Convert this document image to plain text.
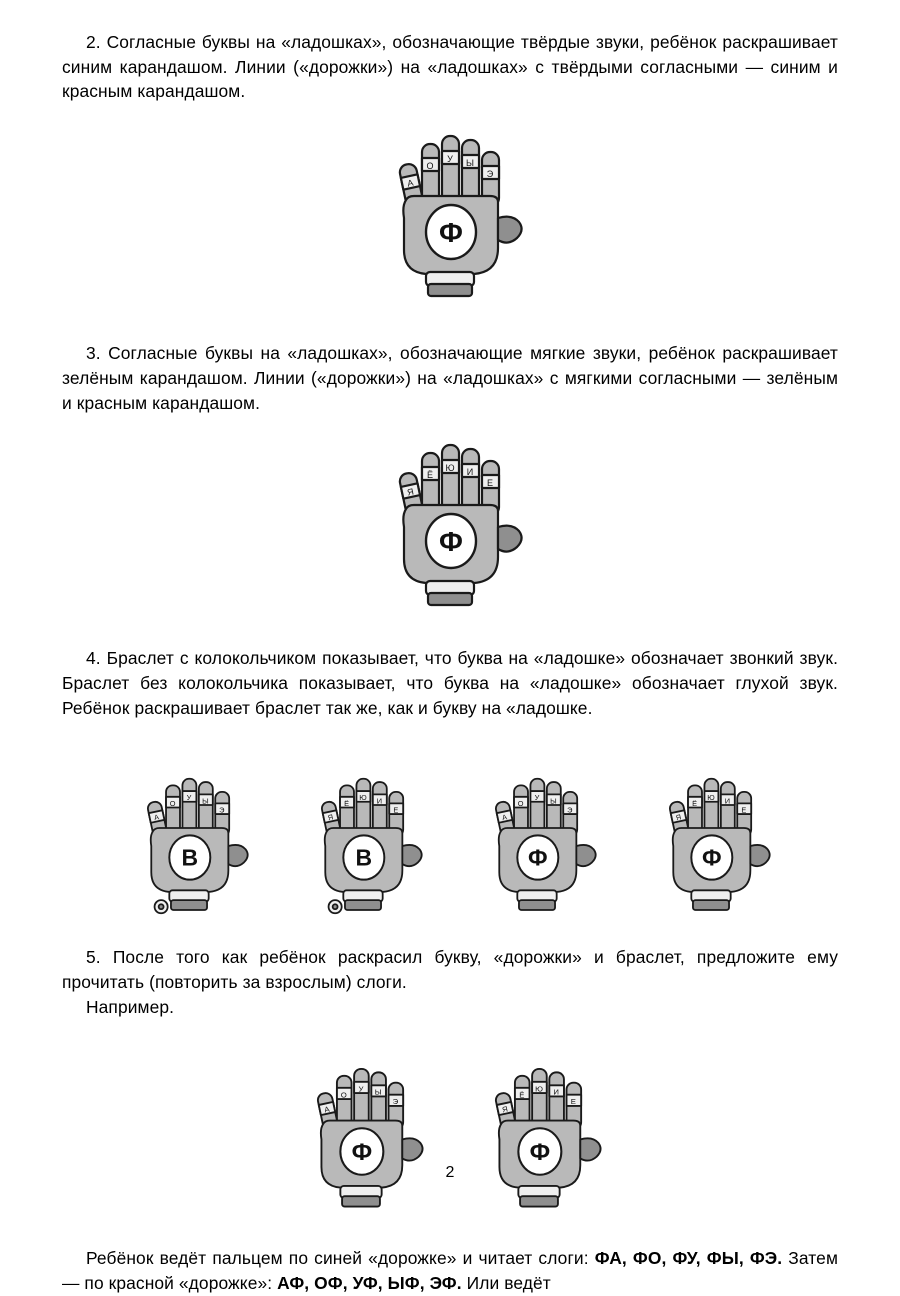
2. Согласные буквы на «ладошках», обозначающие твёрдые звуки, ребёнок раскрашивает синим карандашом. Линии («дорожки») на «ладошках» с твёрдыми согласными — синим и красным карандашом.

Ф
А
О
У Ы
Э

3. Согласные буквы на «ладошках», обозначающие мягкие звуки, ребёнок раскрашивает зелёным карандашом. Линии («дорожки») на «ладошках» с мягкими согласными — зелёным и красным карандашом.

Ф
Я
Ё
Ю И
Е

4. Браслет с колокольчиком показывает, что буква на «ладошке» обозначает звонкий звук. Браслет без колокольчика показывает, что буква на «ладошке» обозначает глухой звук. Ребёнок раскрашивает браслет так же, как и букву на «ладошке.

В
А
О
У Ы
Э
В
Я
Ё
Ю И
Е
Ф
А
О
У Ы
Э
Ф
Я
Ё
Ю И
Е

5. После того как ребёнок раскрасил букву, «дорожки» и браслет, предложите ему прочитать (повторить за взрослым) слоги.

Например.

Ф
А
О
У Ы
Э
Ф
Я
Ё
Ю И
Е

Ребёнок ведёт пальцем по синей «дорожке» и читает слоги: ФА, ФО, ФУ, ФЫ, ФЭ. Затем — по красной «дорожке»: АФ, ОФ, УФ, ЫФ, ЭФ. Или ведёт

2
